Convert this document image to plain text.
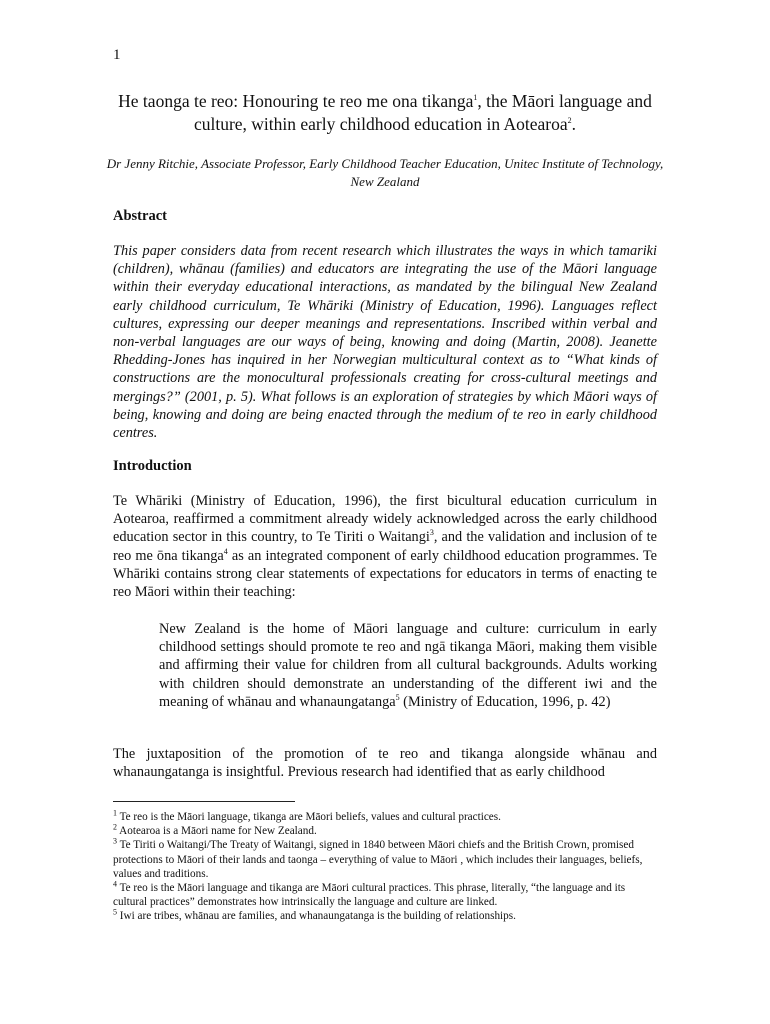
1
He taonga te reo: Honouring te reo me ona tikanga$^1$, the Māori language and culture, within early childhood education in Aotearoa$^2$.
Dr Jenny Ritchie, Associate Professor, Early Childhood Teacher Education, Unitec Institute of Technology, New Zealand
Abstract
This paper considers data from recent research which illustrates the ways in which tamariki (children), whānau (families) and educators are integrating the use of the Māori language within their everyday educational interactions, as mandated by the bilingual New Zealand early childhood curriculum, Te Whāriki (Ministry of Education, 1996). Languages reflect cultures, expressing our deeper meanings and representations. Inscribed within verbal and non-verbal languages are our ways of being, knowing and doing (Martin, 2008). Jeanette Rhedding-Jones has inquired in her Norwegian multicultural context as to “What kinds of constructions are the monocultural professionals creating for cross-cultural meetings and mergings?” (2001, p. 5). What follows is an exploration of strategies by which Māori ways of being, knowing and doing are being enacted through the medium of te reo in early childhood centres.
Introduction
Te Whāriki (Ministry of Education, 1996), the first bicultural education curriculum in Aotearoa, reaffirmed a commitment already widely acknowledged across the early childhood education sector in this country, to Te Tiriti o Waitangi$^3$, and the validation and inclusion of te reo me ōna tikanga$^4$ as an integrated component of early childhood education programmes. Te Whāriki contains strong clear statements of expectations for educators in terms of enacting te reo Māori within their teaching:
New Zealand is the home of Māori language and culture: curriculum in early childhood settings should promote te reo and ngā tikanga Māori, making them visible and affirming their value for children from all cultural backgrounds. Adults working with children should demonstrate an understanding of the different iwi and the meaning of whānau and whanaungatanga$^5$ (Ministry of Education, 1996, p. 42)
The juxtaposition of the promotion of te reo and tikanga alongside whānau and whanaungatanga is insightful. Previous research had identified that as early childhood

$^1$ Te reo is the Māori language, tikanga are Māori beliefs, values and cultural practices.

$^2$ Aotearoa is a Māori name for New Zealand.

$^3$ Te Tiriti o Waitangi/The Treaty of Waitangi, signed in 1840 between Māori chiefs and the British Crown, promised protections to Māori of their lands and taonga – everything of value to Māori , which includes their languages, beliefs, values and traditions.

$^4$ Te reo is the Māori language and tikanga are Māori cultural practices. This phrase, literally, “the language and its cultural practices” demonstrates how intrinsically the language and culture are linked.

$^5$ Iwi are tribes, whānau are families, and whanaungatanga is the building of relationships.
